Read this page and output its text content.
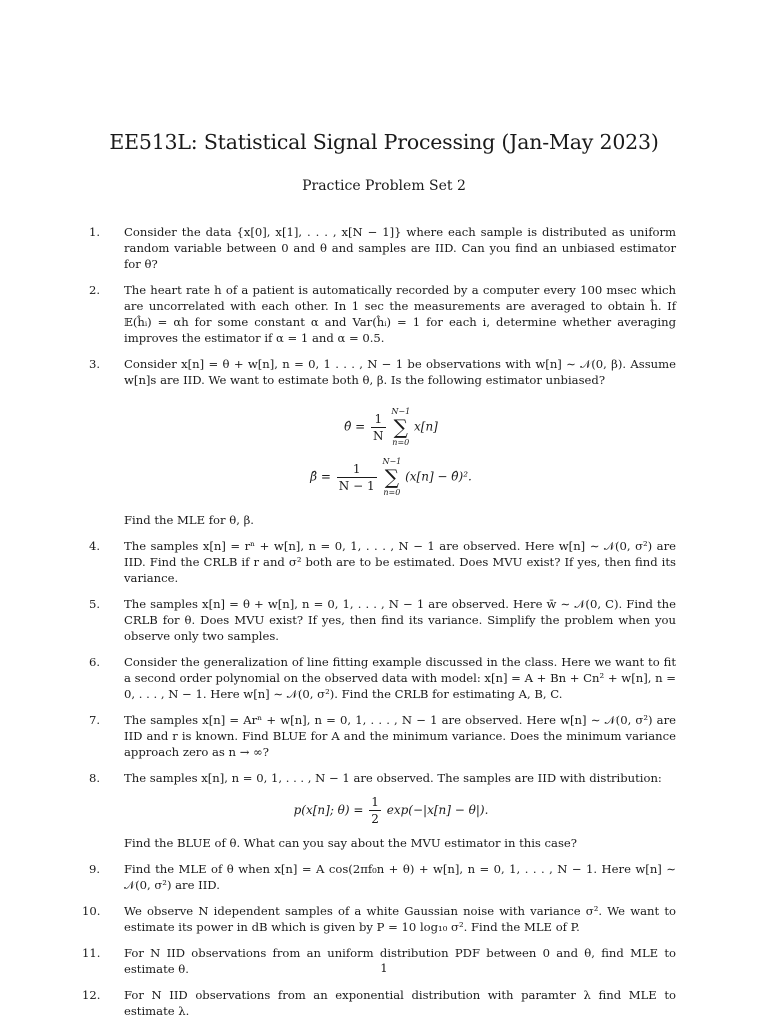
EE513L: Statistical Signal Processing (Jan-May 2023)
Practice Problem Set 2
1.	Consider the data {x[0], x[1], . . . , x[N − 1]} where each sample is distributed as uniform random variable between 0 and θ and samples are IID. Can you find an unbiased estimator for θ?
2.	The heart rate h of a patient is automatically recorded by a computer every 100 msec which are uncorrelated with each other. In 1 sec the measurements are averaged to obtain ĥ. If 𝔼(ĥᵢ) = αh for some constant α and Var(ĥᵢ) = 1 for each i, determine whether averaging improves the estimator if α = 1 and α = 0.5.
3.	Consider x[n] = θ + w[n], n = 0, 1 . . . , N − 1 be observations with w[n] ∼ 𝒩(0, β). Assume w[n]s are IID. We want to estimate both θ, β. Is the following estimator unbiased?
θ̂ = $\frac{1}{N}$
N−1
∑
n=0
x[n]
β̂ = $\frac{1}{N - 1}$
N−1
∑
n=0
(x[n] − θ̂)².
Find the MLE for θ, β.
4.	The samples x[n] = rⁿ + w[n], n = 0, 1, . . . , N − 1 are observed. Here w[n] ∼ 𝒩(0, σ²) are IID. Find the CRLB if r and σ² both are to be estimated. Does MVU exist? If yes, then find its variance.
5.	The samples x[n] = θ + w[n], n = 0, 1, . . . , N − 1 are observed. Here w̄ ∼ 𝒩(0, C). Find the CRLB for θ. Does MVU exist? If yes, then find its variance. Simplify the problem when you observe only two samples.
6.	Consider the generalization of line fitting example discussed in the class. Here we want to fit a second order polynomial on the observed data with model: x[n] = A + Bn + Cn² + w[n], n = 0, . . . , N − 1. Here w[n] ∼ 𝒩(0, σ²). Find the CRLB for estimating A, B, C.
7.	The samples x[n] = Arⁿ + w[n], n = 0, 1, . . . , N − 1 are observed. Here w[n] ∼ 𝒩(0, σ²) are IID and r is known. Find BLUE for A and the minimum variance. Does the minimum variance approach zero as n → ∞?
8.	The samples x[n], n = 0, 1, . . . , N − 1 are observed. The samples are IID with distribution:
p(x[n]; $\theta) = \frac{1}{2} \exp(-|x[n] - \theta|)$.
Find the BLUE of θ. What can you say about the MVU estimator in this case?
9.	Find the MLE of θ when x[n] = A cos(2πf₀n + θ) + w[n], n = 0, 1, . . . , N − 1. Here w[n] ∼ 𝒩(0, σ²) are IID.
10.	We observe N idependent samples of a white Gaussian noise with variance σ². We want to estimate its power in dB which is given by P = 10 log₁₀ σ². Find the MLE of P.
11.	For N IID observations from an uniform distribution PDF between 0 and θ, find MLE to estimate θ.
12.	For N IID observations from an exponential distribution with paramter λ find MLE to estimate λ.
1
